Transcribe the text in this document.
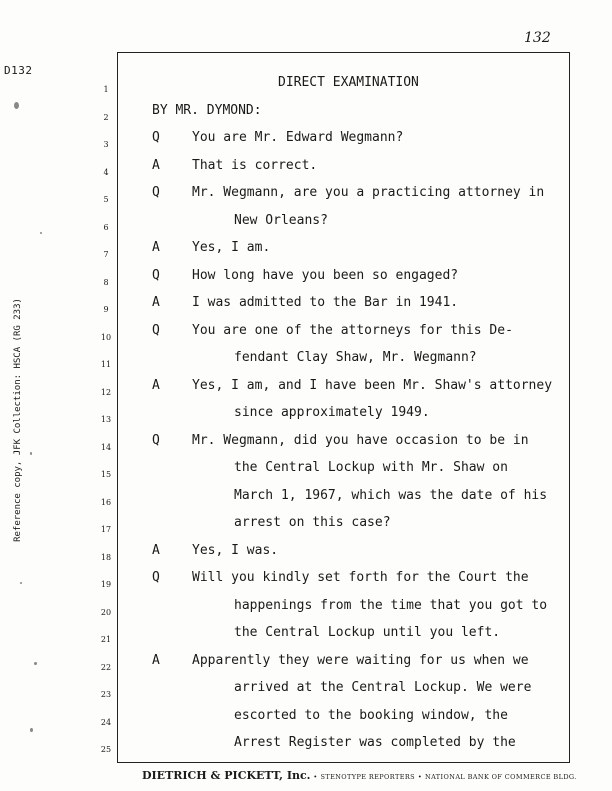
D132
132
Reference copy, JFK Collection: HSCA (RG 233)
1	DIRECT EXAMINATION
2	BY MR. DYMOND:
3	Q You are Mr. Edward Wegmann?
4	A That is correct.
5	Q Mr. Wegmann, are you a practicing attorney in
6	New Orleans?
7	A Yes, I am.
8	Q How long have you been so engaged?
9	A I was admitted to the Bar in 1941.
10	Q You are one of the attorneys for this De-
11	fendant Clay Shaw, Mr. Wegmann?
12	A Yes, I am, and I have been Mr. Shaw's attorney
13	since approximately 1949.
14	Q Mr. Wegmann, did you have occasion to be in
15	the Central Lockup with Mr. Shaw on
16	March 1, 1967, which was the date of his
17	arrest on this case?
18	A Yes, I was.
19	Q Will you kindly set forth for the Court the
20	happenings from the time that you got to
21	the Central Lockup until you left.
22	A Apparently they were waiting for us when we
23	arrived at the Central Lockup. We were
24	escorted to the booking window, the
25	Arrest Register was completed by the
DIETRICH & PICKETT, Inc. • STENOTYPE REPORTERS • NATIONAL BANK OF COMMERCE BLDG.
